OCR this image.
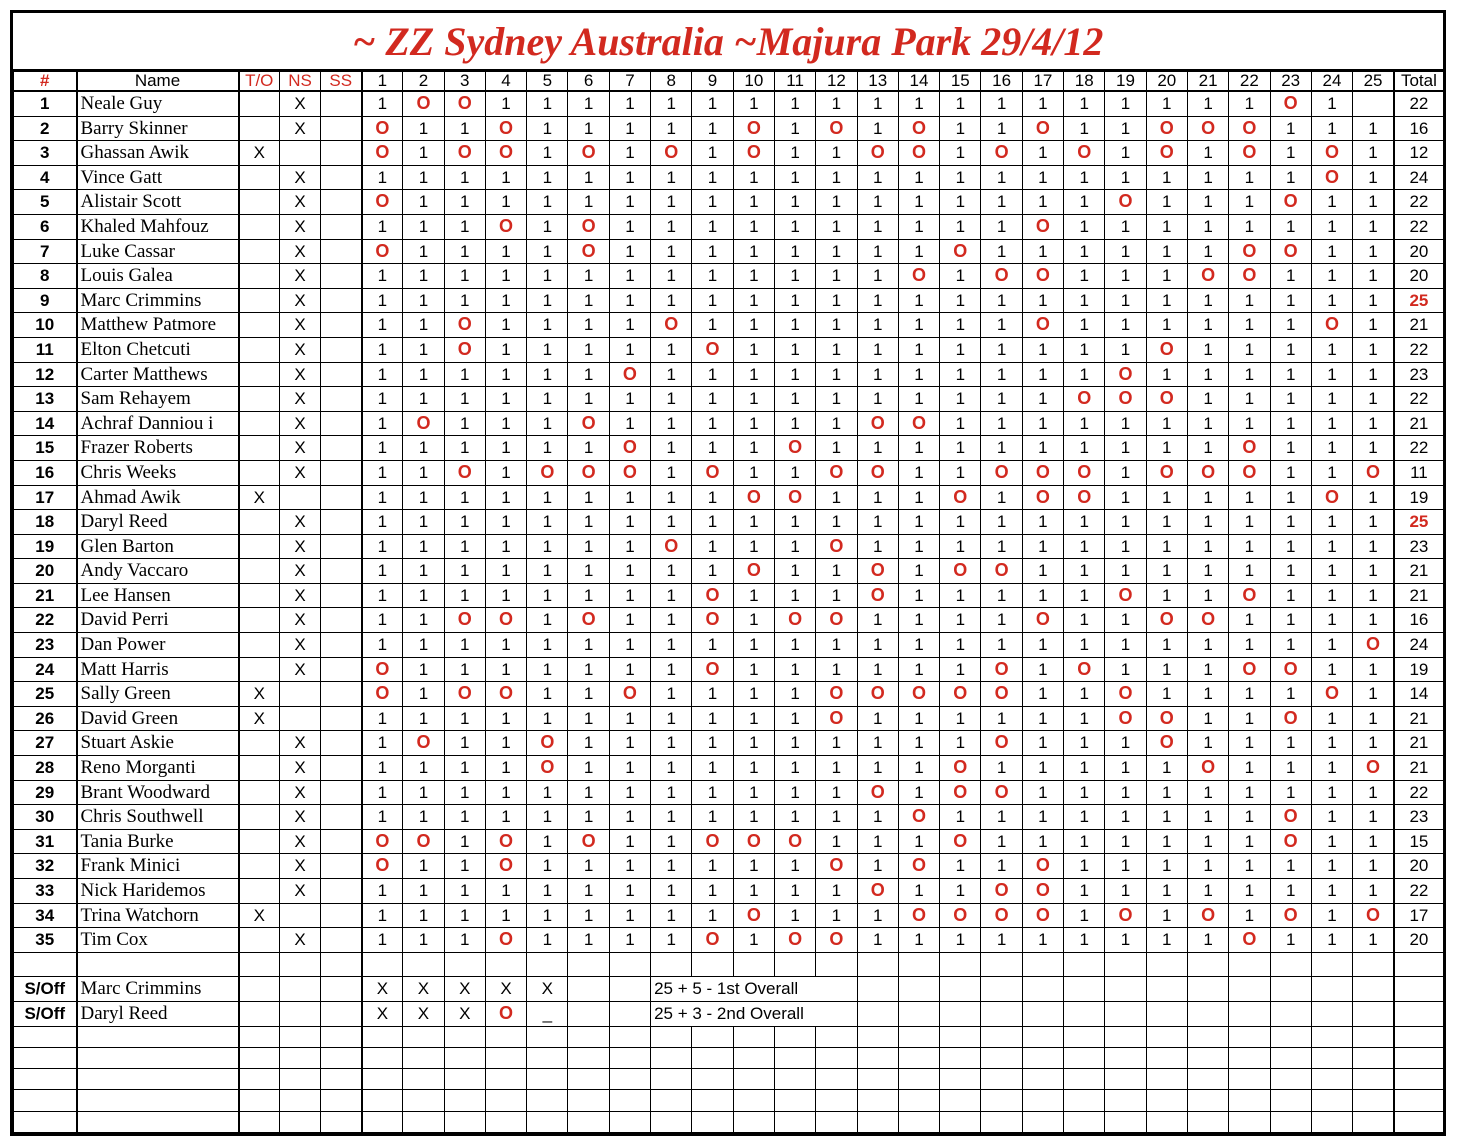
~ ZZ Sydney Australia ~Majura Park 29/4/12
#	Name	T/O	NS	SS	1	2	3	4	5	6	7	8	9	10	11	12	13	14	15	16	17	18	19	20	21	22	23	24	25	Total
1	Neale Guy		X		1	O	O	1	1	1	1	1	1	1	1	1	1	1	1	1	1	1	1	1	1	1	O	1		22
2	Barry Skinner		X		O	1	1	O	1	1	1	1	1	O	1	O	1	O	1	1	O	1	1	O	O	O	1	1	1	16
3	Ghassan Awik	X			O	1	O	O	1	O	1	O	1	O	1	1	O	O	1	O	1	O	1	O	1	O	1	O	1	12
4	Vince Gatt		X		1	1	1	1	1	1	1	1	1	1	1	1	1	1	1	1	1	1	1	1	1	1	1	O	1	24
5	Alistair Scott		X		O	1	1	1	1	1	1	1	1	1	1	1	1	1	1	1	1	1	O	1	1	1	O	1	1	22
6	Khaled Mahfouz		X		1	1	1	O	1	O	1	1	1	1	1	1	1	1	1	1	O	1	1	1	1	1	1	1	1	22
7	Luke Cassar		X		O	1	1	1	1	O	1	1	1	1	1	1	1	1	O	1	1	1	1	1	1	O	O	1	1	20
8	Louis Galea		X		1	1	1	1	1	1	1	1	1	1	1	1	1	O	1	O	O	1	1	1	O	O	1	1	1	20
9	Marc Crimmins		X		1	1	1	1	1	1	1	1	1	1	1	1	1	1	1	1	1	1	1	1	1	1	1	1	1	25
10	Matthew Patmore		X		1	1	O	1	1	1	1	O	1	1	1	1	1	1	1	1	O	1	1	1	1	1	1	O	1	21
11	Elton Chetcuti		X		1	1	O	1	1	1	1	1	O	1	1	1	1	1	1	1	1	1	1	O	1	1	1	1	1	22
12	Carter Matthews		X		1	1	1	1	1	1	O	1	1	1	1	1	1	1	1	1	1	1	O	1	1	1	1	1	1	23
13	Sam Rehayem		X		1	1	1	1	1	1	1	1	1	1	1	1	1	1	1	1	1	O	O	O	1	1	1	1	1	22
14	Achraf Danniou i		X		1	O	1	1	1	O	1	1	1	1	1	1	O	O	1	1	1	1	1	1	1	1	1	1	1	21
15	Frazer Roberts		X		1	1	1	1	1	1	O	1	1	1	O	1	1	1	1	1	1	1	1	1	1	O	1	1	1	22
16	Chris Weeks		X		1	1	O	1	O	O	O	1	O	1	1	O	O	1	1	O	O	O	1	O	O	O	1	1	O	11
17	Ahmad Awik	X			1	1	1	1	1	1	1	1	1	O	O	1	1	1	O	1	O	O	1	1	1	1	1	O	1	19
18	Daryl Reed		X		1	1	1	1	1	1	1	1	1	1	1	1	1	1	1	1	1	1	1	1	1	1	1	1	1	25
19	Glen Barton		X		1	1	1	1	1	1	1	O	1	1	1	O	1	1	1	1	1	1	1	1	1	1	1	1	1	23
20	Andy Vaccaro		X		1	1	1	1	1	1	1	1	1	O	1	1	O	1	O	O	1	1	1	1	1	1	1	1	1	21
21	Lee Hansen		X		1	1	1	1	1	1	1	1	O	1	1	1	O	1	1	1	1	1	O	1	1	O	1	1	1	21
22	David Perri		X		1	1	O	O	1	O	1	1	O	1	O	O	1	1	1	1	O	1	1	O	O	1	1	1	1	16
23	Dan Power		X		1	1	1	1	1	1	1	1	1	1	1	1	1	1	1	1	1	1	1	1	1	1	1	1	O	24
24	Matt Harris		X		O	1	1	1	1	1	1	1	O	1	1	1	1	1	1	O	1	O	1	1	1	O	O	1	1	19
25	Sally Green	X			O	1	O	O	1	1	O	1	1	1	1	O	O	O	O	O	1	1	O	1	1	1	1	O	1	14
26	David Green	X			1	1	1	1	1	1	1	1	1	1	1	O	1	1	1	1	1	1	O	O	1	1	O	1	1	21
27	Stuart Askie		X		1	O	1	1	O	1	1	1	1	1	1	1	1	1	1	O	1	1	1	O	1	1	1	1	1	21
28	Reno Morganti		X		1	1	1	1	O	1	1	1	1	1	1	1	1	1	O	1	1	1	1	1	O	1	1	1	O	21
29	Brant Woodward		X		1	1	1	1	1	1	1	1	1	1	1	1	O	1	O	O	1	1	1	1	1	1	1	1	1	22
30	Chris Southwell		X		1	1	1	1	1	1	1	1	1	1	1	1	1	O	1	1	1	1	1	1	1	1	O	1	1	23
31	Tania Burke		X		O	O	1	O	1	O	1	1	O	O	O	1	1	1	O	1	1	1	1	1	1	1	O	1	1	15
32	Frank Minici		X		O	1	1	O	1	1	1	1	1	1	1	O	1	O	1	1	O	1	1	1	1	1	1	1	1	20
33	Nick Haridemos		X		1	1	1	1	1	1	1	1	1	1	1	1	O	1	1	O	O	1	1	1	1	1	1	1	1	22
34	Trina Watchorn	X			1	1	1	1	1	1	1	1	1	O	1	1	1	O	O	O	O	1	O	1	O	1	O	1	O	17
35	Tim Cox		X		1	1	1	O	1	1	1	1	O	1	O	O	1	1	1	1	1	1	1	1	1	O	1	1	1	20

S/Off	Marc Crimmins				X	X	X	X	X			25 + 5 - 1st Overall																		
S/Off	Daryl Reed				X	X	X	O	_			25 + 3 - 2nd Overall																		
